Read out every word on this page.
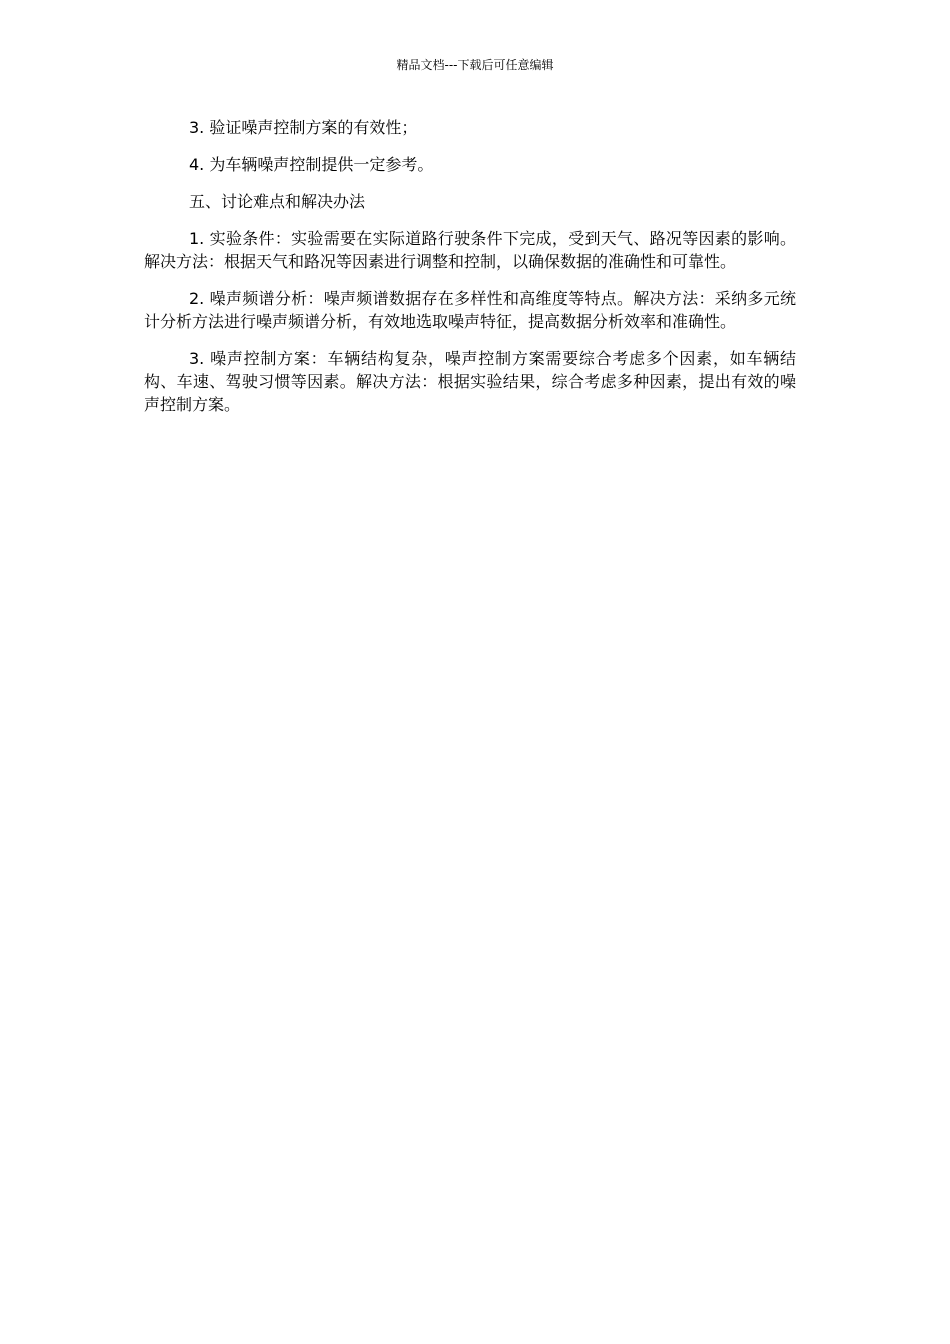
精品文档---下载后可任意编辑

3. 验证噪声控制方案的有效性；

4. 为车辆噪声控制提供一定参考。

五、讨论难点和解决办法

1. 实验条件：实验需要在实际道路行驶条件下完成，受到天气、路况等因素的影响。解决方法：根据天气和路况等因素进行调整和控制，以确保数据的准确性和可靠性。

2. 噪声频谱分析：噪声频谱数据存在多样性和高维度等特点。解决方法：采纳多元统计分析方法进行噪声频谱分析，有效地选取噪声特征，提高数据分析效率和准确性。

3. 噪声控制方案：车辆结构复杂，噪声控制方案需要综合考虑多个因素，如车辆结构、车速、驾驶习惯等因素。解决方法：根据实验结果，综合考虑多种因素，提出有效的噪声控制方案。
